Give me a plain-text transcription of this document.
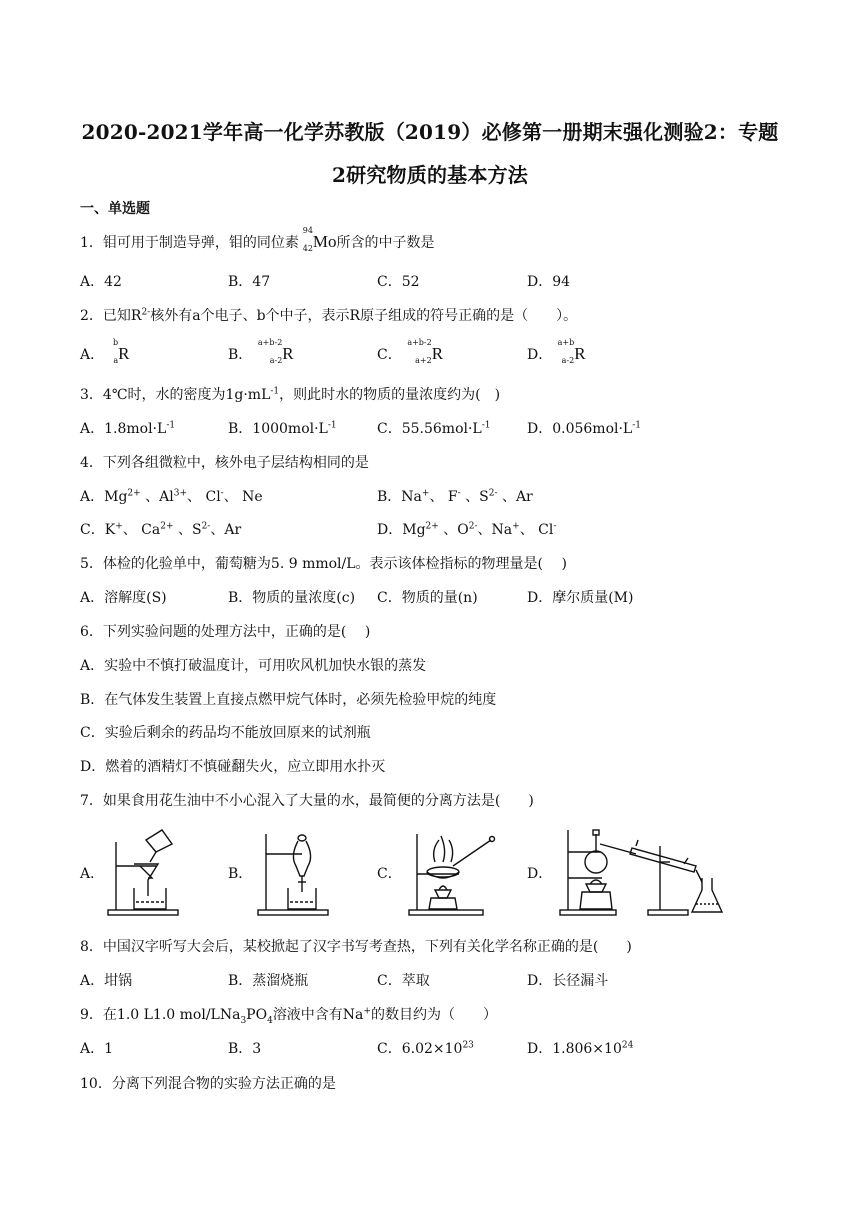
2020-2021学年高一化学苏教版（2019）必修第一册期末强化测验2：专题
2研究物质的基本方法
一、单选题
1．钼可用于制造导弹，钼的同位素
94
42 Mo所含的中子数是
A．42	B．47	C．52	D．94
2．已知$R^{2-}$核外有a个电子、b个中子，表示R原子组成的符号正确的是（　　）。
A．
b
a R	B．
a+b-2
a-2 R	C．
a+b-2
a+2 R	D．
a+b
a-2 R
3．4℃时，水的密度为$1g\cdot mL^{-1}$，则此时水的物质的量浓度约为(　)
A．$1.8mol\cdot L^{-1}$	B．$1000mol\cdot L^{-1}$	C．$55.56mol\cdot L^{-1}$	D．$0.056mol\cdot L^{-1}$
4．下列各组微粒中，核外电子层结构相同的是
A．$Mg^{2+}$ 、$Al^{3+}$、 Cl-、 Ne	B．Na+、 F- 、$S^{2-}$ 、Ar
C．K+、 $Ca^{2+}$ 、$S^{2-}$、Ar	D．$Mg^{2+}$ 、$O^{2-}$、Na+、 Cl-
5．体检的化验单中，葡萄糖为5. 9 mmol/L。表示该体检指标的物理量是(　 )
A．溶解度(S)	B．物质的量浓度(c) C．物质的量(n)	D．摩尔质量(M)
6．下列实验问题的处理方法中，正确的是(　 )
A．实验中不慎打破温度计，可用吹风机加快水银的蒸发
B．在气体发生装置上直接点燃甲烷气体时，必须先检验甲烷的纯度
C．实验后剩余的药品均不能放回原来的试剂瓶
D．燃着的酒精灯不慎碰翻失火，应立即用水扑灭
7．如果食用花生油中不小心混入了大量的水，最简便的分离方法是(　　)
A．	B．	C．	D．
8．中国汉字听写大会后，某校掀起了汉字书写考查热，下列有关化学名称正确的是(　　)
A．坩锅	B．蒸溜烧瓶	C．萃取	D．长径漏斗
9．在1.0 L1.0 mol/$LNa_3PO_4$溶液中含有Na+的数目约为（　　）
A．1	B．3	C．$6.02\times 10^{23}$	D．$1.806\times 10^{24}$
10．分离下列混合物的实验方法正确的是
